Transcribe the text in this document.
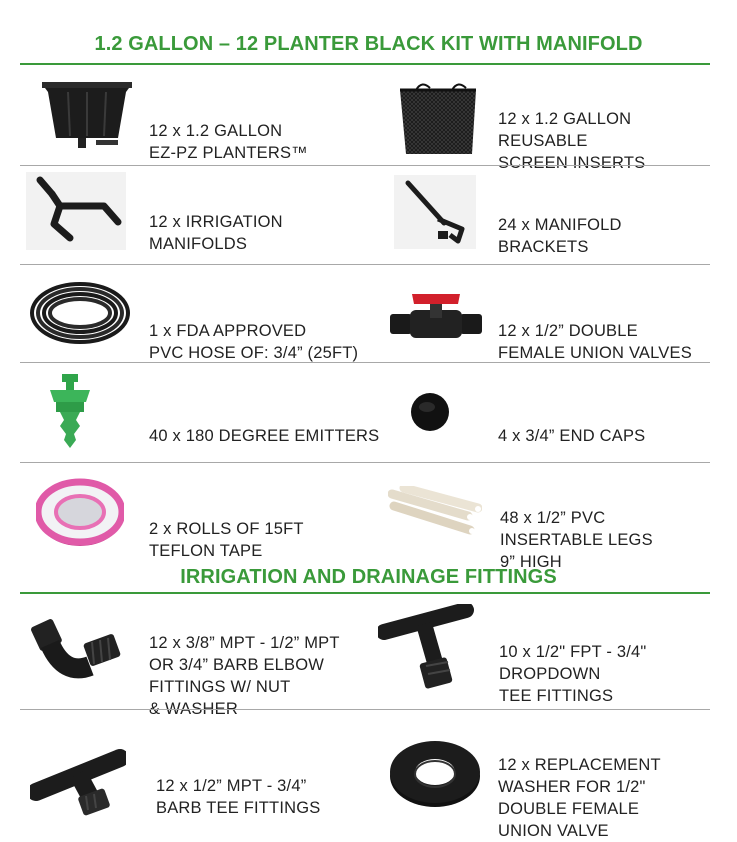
1.2 GALLON – 12 PLANTER BLACK KIT WITH MANIFOLD

12 x 1.2 GALLON
EZ-PZ PLANTERS™

12 x 1.2 GALLON
REUSABLE
SCREEN INSERTS

12 x IRRIGATION
MANIFOLDS

24 x MANIFOLD
BRACKETS

1 x FDA APPROVED
PVC HOSE OF: 3/4” (25FT)

12 x 1/2” DOUBLE
FEMALE UNION VALVES

40 x 180 DEGREE EMITTERS	4 x 3/4” END CAPS

2 x ROLLS OF 15FT
TEFLON TAPE

48 x 1/2” PVC
INSERTABLE LEGS
9” HIGH

IRRIGATION AND DRAINAGE FITTINGS

12 x 3/8” MPT - 1/2” MPT
OR 3/4” BARB ELBOW
FITTINGS W/ NUT
& WASHER

10 x 1/2" FPT - 3/4"
DROPDOWN
TEE FITTINGS

12 x 1/2” MPT - 3/4”
BARB TEE FITTINGS

12 x REPLACEMENT
WASHER FOR 1/2"
DOUBLE FEMALE
UNION VALVE
